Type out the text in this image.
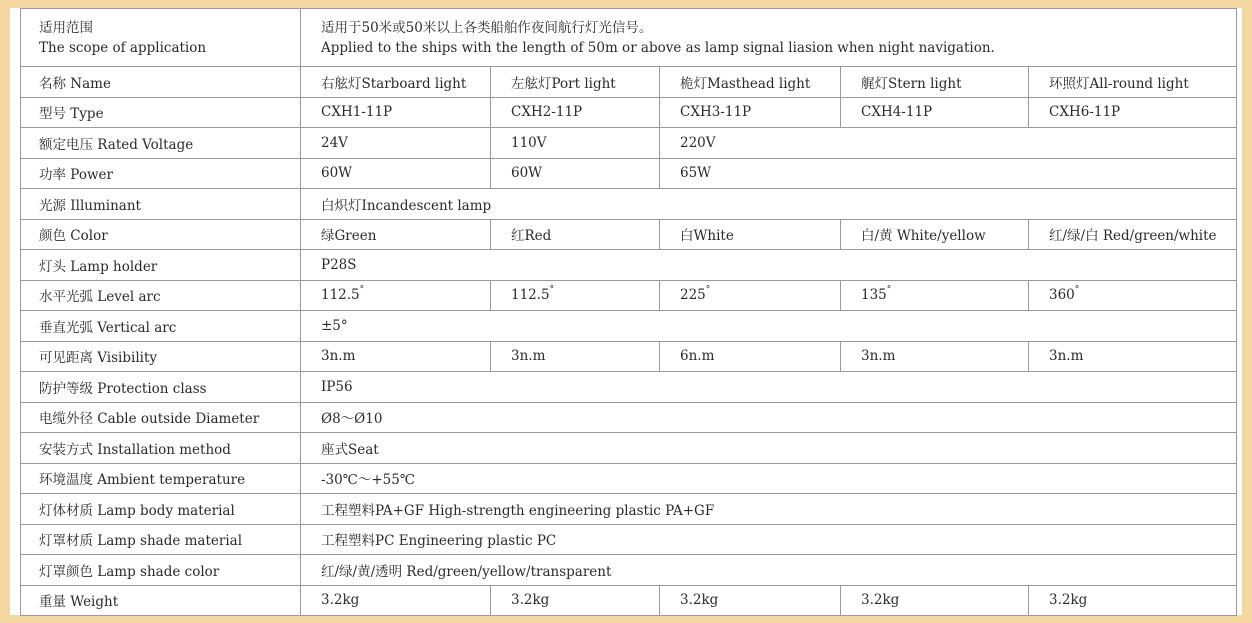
适用范围
The scope of application	适用于50米或50米以上各类船舶作夜间航行灯光信号。
Applied to the ships with the length of 50m or above as lamp signal liasion when night navigation.				

名称 Name	右舷灯Starboard light	左舷灯Port light	桅灯Masthead light	艉灯Stern light	环照灯All-round light
型号 Type	CXH1-11P	CXH2-11P	CXH3-11P	CXH4-11P	CXH6-11P
额定电压 Rated Voltage	24V	110V	220V		
功率 Power	60W	60W	65W		
光源 Illuminant	白炽灯Incandescent lamp				
颜色 Color	绿Green	红Red	白White	白/黄 White/yellow	红/绿/白 Red/green/white
灯头 Lamp holder	P28S				
水平光弧 Level arc	112.5°	112.5°	225°	135°	360°
垂直光弧 Vertical arc	±5°				
可见距离 Visibility	3n.m	3n.m	6n.m	3n.m	3n.m
防护等级 Protection class	IP56				
电缆外径 Cable outside Diameter	Ø8～Ø10				
安装方式 Installation method	座式Seat				
环境温度 Ambient temperature	-30℃～+55℃				
灯体材质 Lamp body material	工程塑料PA+GF High-strength engineering plastic PA+GF				
灯罩材质 Lamp shade material	工程塑料PC Engineering plastic PC				
灯罩颜色 Lamp shade color	红/绿/黄/透明 Red/green/yellow/transparent				
重量 Weight	3.2kg	3.2kg	3.2kg	3.2kg	3.2kg
